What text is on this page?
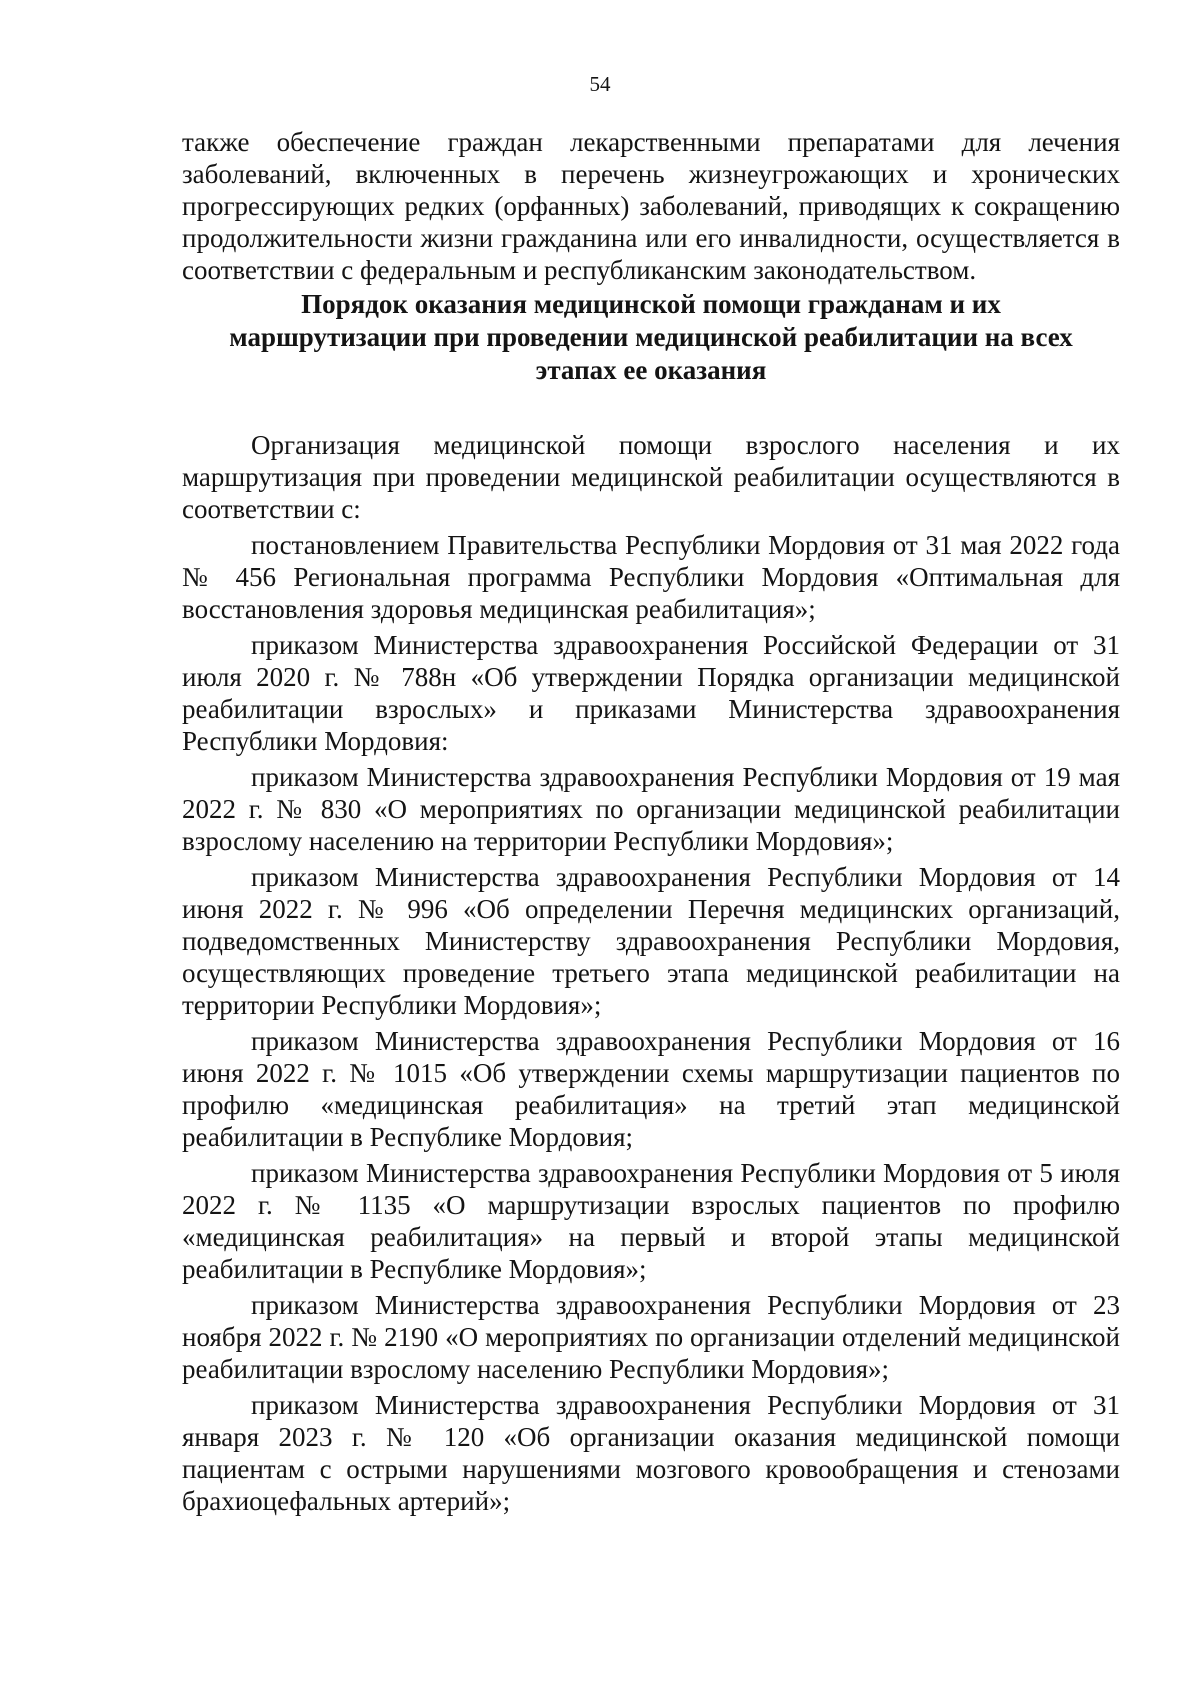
54

также обеспечение граждан лекарственными препаратами для лечения заболеваний, включенных в перечень жизнеугрожающих и хронических прогрессирующих редких (орфанных) заболеваний, приводящих к сокращению продолжительности жизни гражданина или его инвалидности, осуществляется в соответствии с федеральным и республиканским законодательством.

Порядок оказания медицинской помощи гражданам и их
маршрутизации при проведении медицинской реабилитации на всех
этапах ее оказания

Организация медицинской помощи взрослого населения и их маршрутизация при проведении медицинской реабилитации осуществляются в соответствии с:

постановлением Правительства Республики Мордовия от 31 мая 2022 года № 456 Региональная программа Республики Мордовия «Оптимальная для восстановления здоровья медицинская реабилитация»;

приказом Министерства здравоохранения Российской Федерации от 31 июля 2020 г. № 788н «Об утверждении Порядка организации медицинской реабилитации взрослых» и приказами Министерства здравоохранения Республики Мордовия:

приказом Министерства здравоохранения Республики Мордовия от 19 мая 2022 г. № 830 «О мероприятиях по организации медицинской реабилитации взрослому населению на территории Республики Мордовия»;

приказом Министерства здравоохранения Республики Мордовия от 14 июня 2022 г. № 996 «Об определении Перечня медицинских организаций, подведомственных Министерству здравоохранения Республики Мордовия, осуществляющих проведение третьего этапа медицинской реабилитации на территории Республики Мордовия»;

приказом Министерства здравоохранения Республики Мордовия от 16 июня 2022 г. № 1015 «Об утверждении схемы маршрутизации пациентов по профилю «медицинская реабилитация» на третий этап медицинской реабилитации в Республике Мордовия;

приказом Министерства здравоохранения Республики Мордовия от 5 июля 2022 г. № 1135 «О маршрутизации взрослых пациентов по профилю «медицинская реабилитация» на первый и второй этапы медицинской реабилитации в Республике Мордовия»;

приказом Министерства здравоохранения Республики Мордовия от 23 ноября 2022 г. № 2190 «О мероприятиях по организации отделений медицинской реабилитации взрослому населению Республики Мордовия»;

приказом Министерства здравоохранения Республики Мордовия от 31 января 2023 г. № 120 «Об организации оказания медицинской помощи пациентам с острыми нарушениями мозгового кровообращения и стенозами брахиоцефальных артерий»;
